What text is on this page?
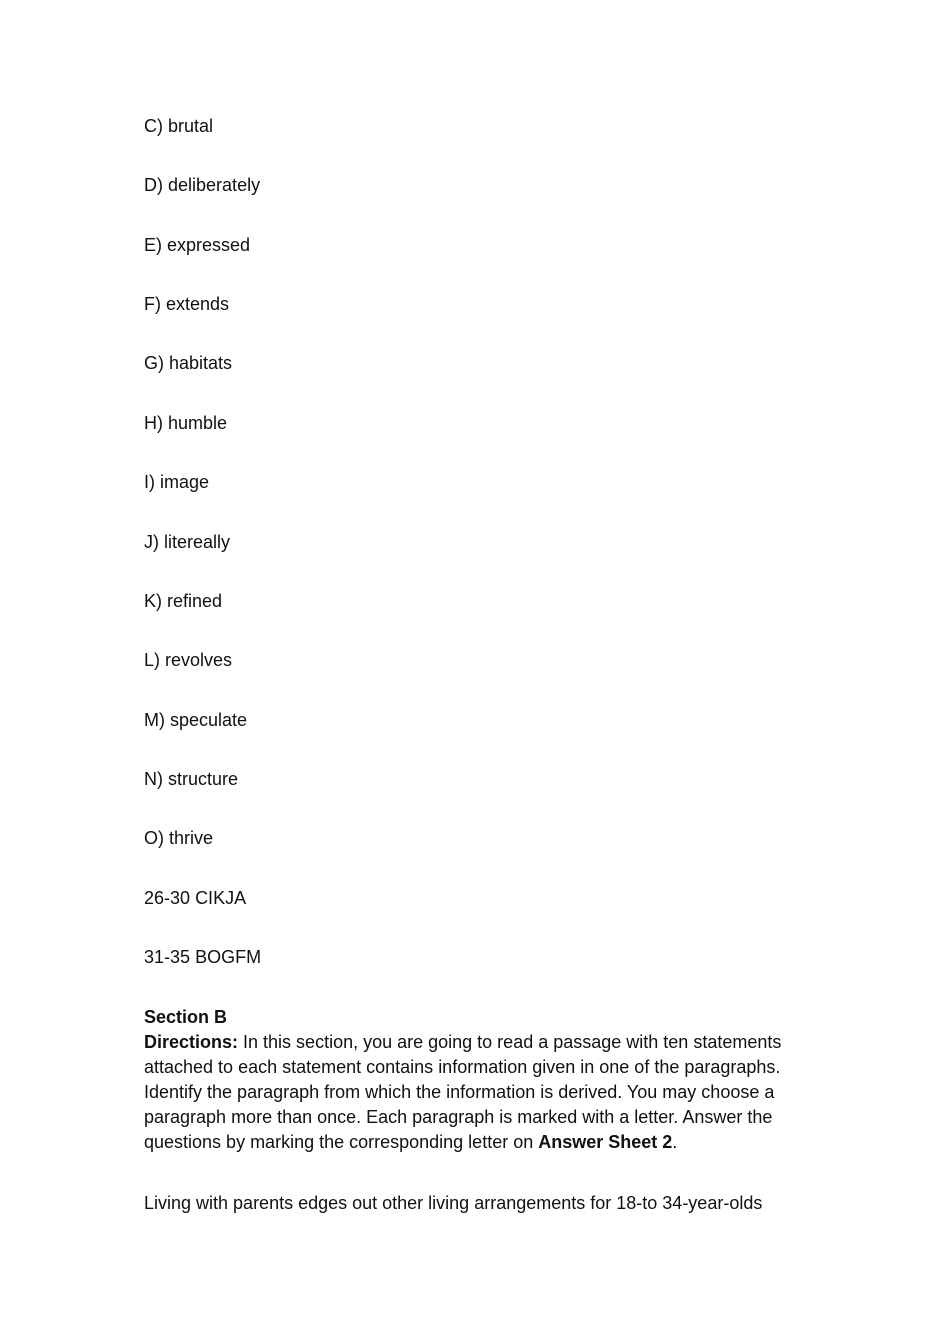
C) brutal
D) deliberately
E) expressed
F) extends
G) habitats
H) humble
I) image
J) litereally
K) refined
L) revolves
M) speculate
N) structure
O) thrive
26-30 CIKJA
31-35 BOGFM
Section B
Directions: In this section, you are going to read a passage with ten statements attached to each statement contains information given in one of the paragraphs. Identify the paragraph from which the information is derived. You may choose a paragraph more than once. Each paragraph is marked with a letter. Answer the questions by marking the corresponding letter on Answer Sheet 2.
Living with parents edges out other living arrangements for 18-to 34-year-olds
